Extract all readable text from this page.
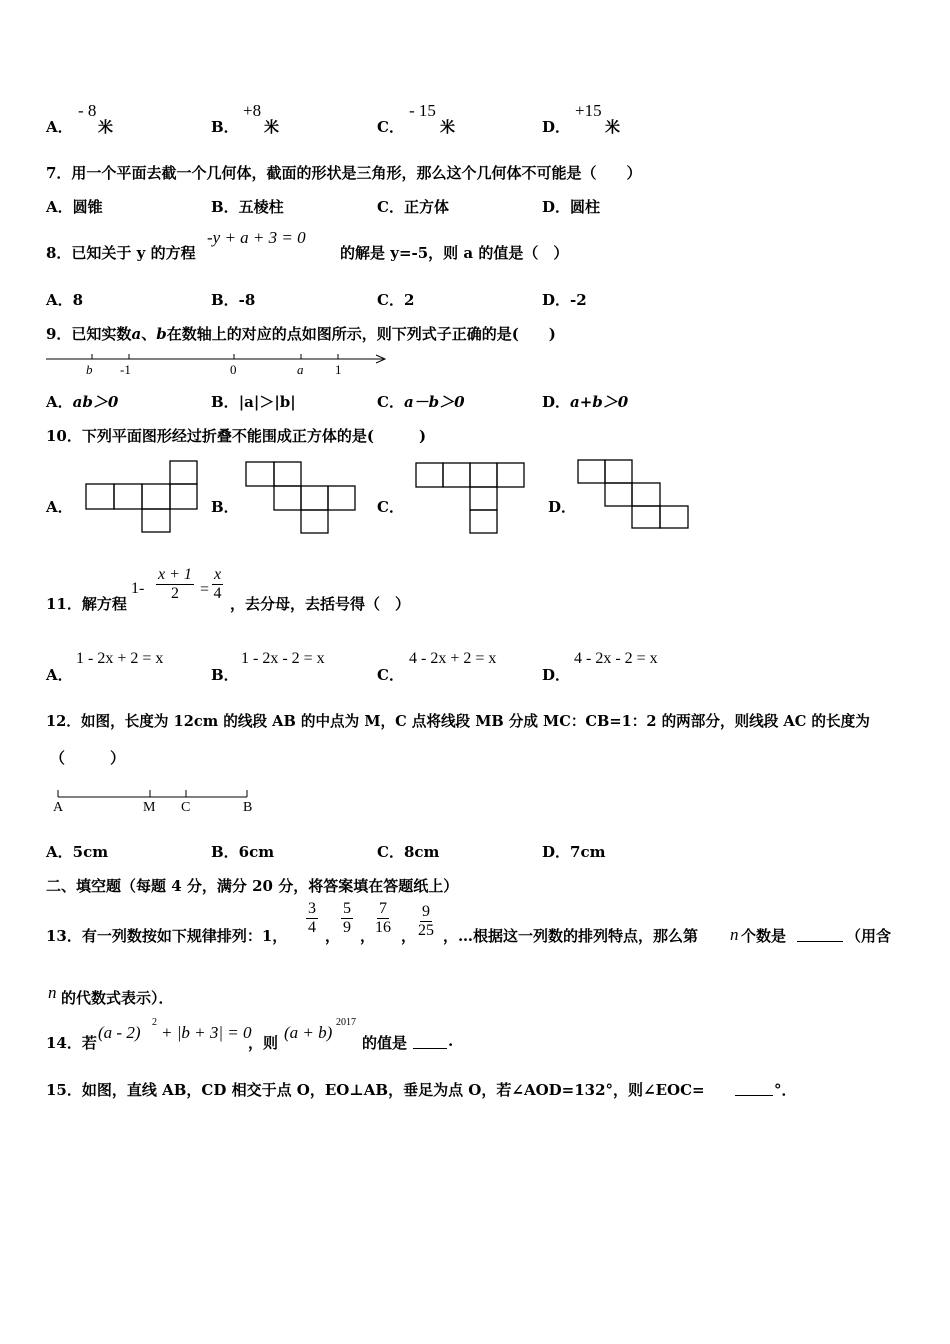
A．
- 8
米	B．
+8
米	C．
- 15
米	D．
+15
米
7．用一个平面去截一个几何体，截面的形状是三角形，那么这个几何体不可能是（　　）
A．圆锥	B．五棱柱	C．正方体	D．圆柱
8．已知关于 y 的方程
-y + a + 3 = 0
的解是 y=-5，则 a 的值是（　）
A．8	B．-8	C．2	D．-2
9．已知实数a、b在数轴上的对应的点如图所示，则下列式子正确的是(　　)
b -1	0	a 1
A．ab＞0	B．|a|＞|b|	C．a－b＞0	D．a+b＞0
10．下列平面图形经过折叠不能围成正方体的是(　　　)
A．	B．	C．	D．
11．解方程
$1- \frac{x + 1}{2} = \frac{x}{4}$
，去分母，去括号得（　）
A．
1 - 2x + 2 = x
B．
1 - 2x - 2 = x
C．
4 - 2x + 2 = x
D．
4 - 2x - 2 = x
12．如图，长度为 12cm 的线段 AB 的中点为 M，C 点将线段 MB 分成 MC：CB=1：2 的两部分，则线段 AC 的长度为
（　　　）
A	M C	B
A．5cm	B．6cm	C．8cm	D．7cm
二、填空题（每题 4 分，满分 20 分，将答案填在答题纸上）
13．有一列数按如下规律排列：1， $\frac{3}{4}$ ， $\frac{5}{9}$ ， $\frac{7}{16}$ ， $\frac{9}{25}$ ， …根据这一列数的排列特点，那么第 n 个数是	（用含
n 的代数式表示）．
14．若
(a - 2)
2
+ |b + 3| = 0
，则
(a + b)
2017
的值是	.
15．如图，直线 AB，CD 相交于点 O，EO⊥AB，垂足为点 O，若∠AOD=132°，则∠EOC=	°．
